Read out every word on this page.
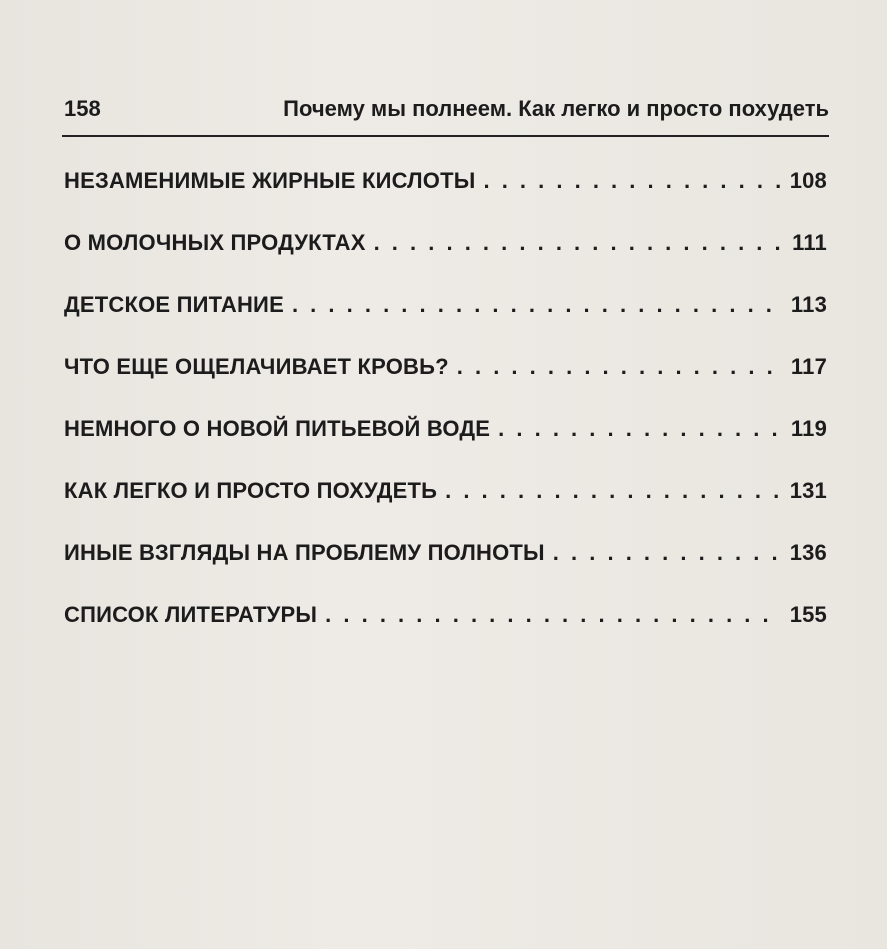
158	Почему мы полнеем. Как легко и просто похудеть
НЕЗАМЕНИМЫЕ ЖИРНЫЕ КИСЛОТЫ . . .	108
О МОЛОЧНЫХ ПРОДУКТАХ . . .	111
ДЕТСКОЕ ПИТАНИЕ . . .	113
ЧТО ЕЩЕ ОЩЕЛАЧИВАЕТ КРОВЬ? . . .	117
НЕМНОГО О НОВОЙ ПИТЬЕВОЙ ВОДЕ . . .	119
КАК ЛЕГКО И ПРОСТО ПОХУДЕТЬ . . .	131
ИНЫЕ ВЗГЛЯДЫ НА ПРОБЛЕМУ ПОЛНОТЫ . . .	136
СПИСОК ЛИТЕРАТУРЫ . . .	155
